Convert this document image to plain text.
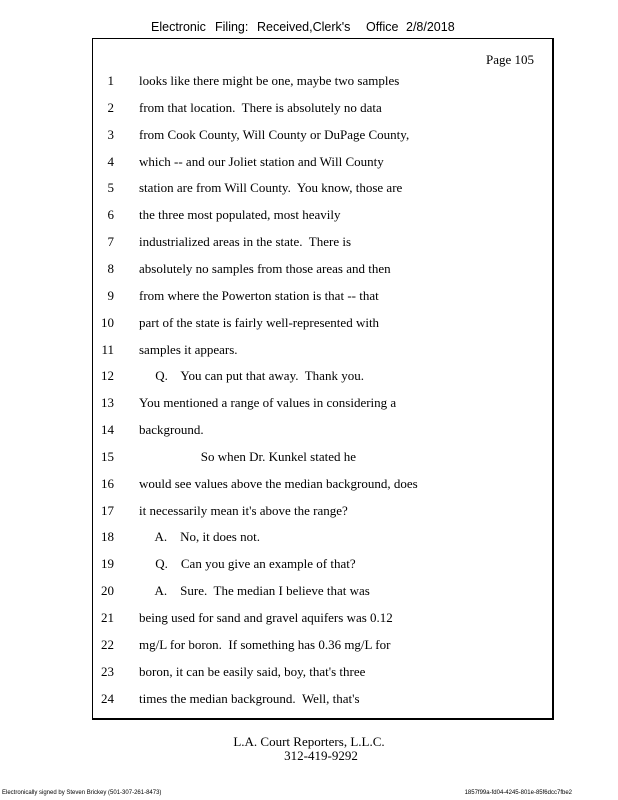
Electronic Filing: Received,Clerk's Office 2/8/2018
Page 105
1 looks like there might be one, maybe two samples
2 from that location.  There is absolutely no data
3 from Cook County, Will County or DuPage County,
4 which -- and our Joliet station and Will County
5 station are from Will County.  You know, those are
6 the three most populated, most heavily
7 industrialized areas in the state.  There is
8 absolutely no samples from those areas and then
9 from where the Powerton station is that -- that
10 part of the state is fairly well-represented with
11 samples it appears.
12 Q.    You can put that away.  Thank you.
13 You mentioned a range of values in considering a
14 background.
15 So when Dr. Kunkel stated he
16 would see values above the median background, does
17 it necessarily mean it's above the range?
18 A.    No, it does not.
19 Q.    Can you give an example of that?
20 A.    Sure.  The median I believe that was
21 being used for sand and gravel aquifers was 0.12
22 mg/L for boron.  If something has 0.36 mg/L for
23 boron, it can be easily said, boy, that's three
24 times the median background.  Well, that's
L.A. Court Reporters, L.L.C.
312-419-9292
Electronically signed by Steven Brickey (501-307-261-8473)	1857f99a-fd04-4245-801e-85f6dcc7fbe2
